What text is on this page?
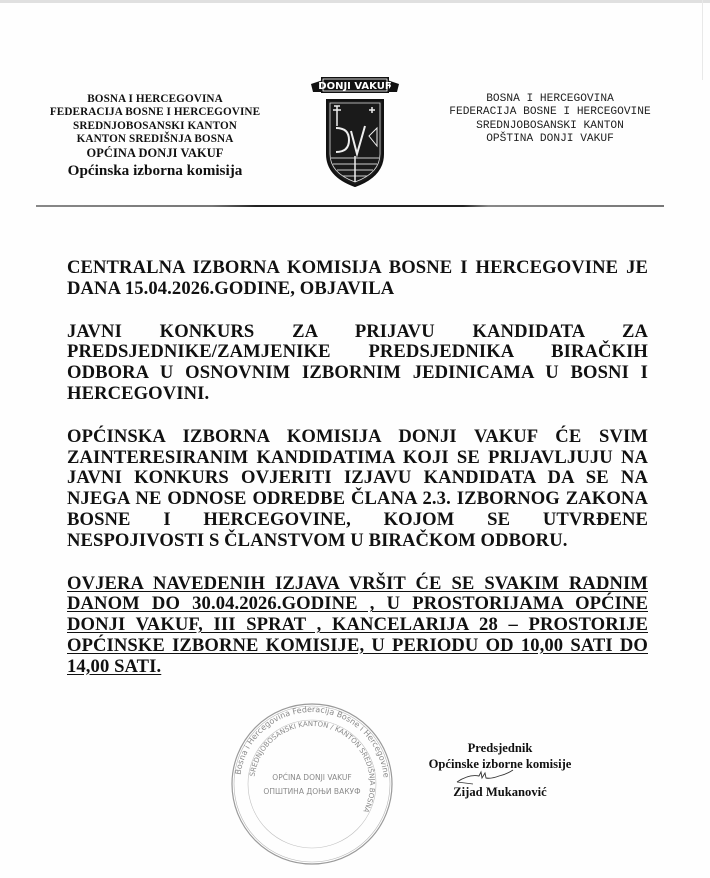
BOSNA I HERCEGOVINA
FEDERACIJA BOSNE I HERCEGOVINE
SREDNJOBOSANSKI KANTON
KANTON SREDIŠNJA BOSNA
OPĆINA DONJI VAKUF
Općinska izborna komisija
DONJI VAKUF
BOSNA I HERCEGOVINA
FEDERACIJA BOSNE I HERCEGOVINE
SREDNJOBOSANSKI KANTON
OPŠTINA DONJI VAKUF

CENTRALNA IZBORNA KOMISIJA BOSNE I HERCEGOVINE JE
DANA 15.04.2026.GODINE, OBJAVILA

JAVNI KONKURS ZA PRIJAVU KANDIDATA ZA
PREDSJEDNIKE/ZAMJENIKE PREDSJEDNIKA BIRAČKIH
ODBORA U OSNOVNIM IZBORNIM JEDINICAMA U BOSNI I
HERCEGOVINI.

OPĆINSKA IZBORNA KOMISIJA DONJI VAKUF ĆE SVIM
ZAINTERESIRANIM KANDIDATIMA KOJI SE PRIJAVLJUJU NA
JAVNI KONKURS OVJERITI IZJAVU KANDIDATA DA SE NA
NJEGA NE ODNOSE ODREDBE ČLANA 2.3. IZBORNOG ZAKONA
BOSNE I HERCEGOVINE, KOJOM SE UTVRĐENE
NESPOJIVOSTI S ČLANSTVOM U BIRAČKOM ODBORU.

OVJERA NAVEDENIH IZJAVA VRŠIT ĆE SE SVAKIM RADNIM
DANOM DO 30.04.2026.GODINE , U PROSTORIJAMA OPĆINE
DONJI VAKUF, III SPRAT , KANCELARIJA 28 – PROSTORIJE
OPĆINSKE IZBORNE KOMISIJE, U PERIODU OD 10,00 SATI DO
14,00 SATI.

Bosna i Hercegovina Federacija Bosne i Hercegovine
SREDNJOBOSANSKI KANTON / KANTON SREDIŠNJA BOSNA
OPĆINA DONJI VAKUF
ОПШТИНА ДОЊИ ВАКУФ
Predsjednik
Općinske izborne komisije
Zijad Mukanović
